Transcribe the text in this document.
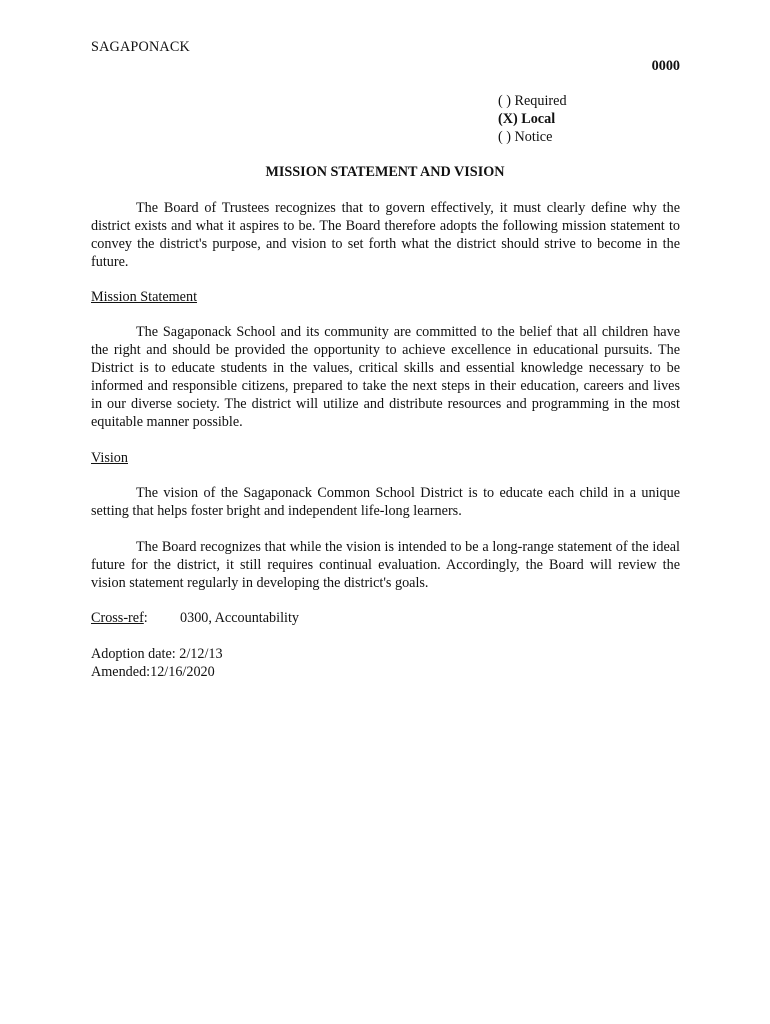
SAGAPONACK
0000
( ) Required
(X) Local
( ) Notice
MISSION STATEMENT AND VISION

The Board of Trustees recognizes that to govern effectively, it must clearly define why the district exists and what it aspires to be. The Board therefore adopts the following mission statement to convey the district's purpose, and vision to set forth what the district should strive to become in the future.

Mission Statement

The Sagaponack School and its community are committed to the belief that all children have the right and should be provided the opportunity to achieve excellence in educational pursuits. The District is to educate students in the values, critical skills and essential knowledge necessary to be informed and responsible citizens, prepared to take the next steps in their education, careers and lives in our diverse society. The district will utilize and distribute resources and programming in the most equitable manner possible.

Vision

The vision of the Sagaponack Common School District is to educate each child in a unique setting that helps foster bright and independent life-long learners.

The Board recognizes that while the vision is intended to be a long-range statement of the ideal future for the district, it still requires continual evaluation. Accordingly, the Board will review the vision statement regularly in developing the district's goals.

Cross-ref: 0300, Accountability
Adoption date: 2/12/13
Amended:12/16/2020
